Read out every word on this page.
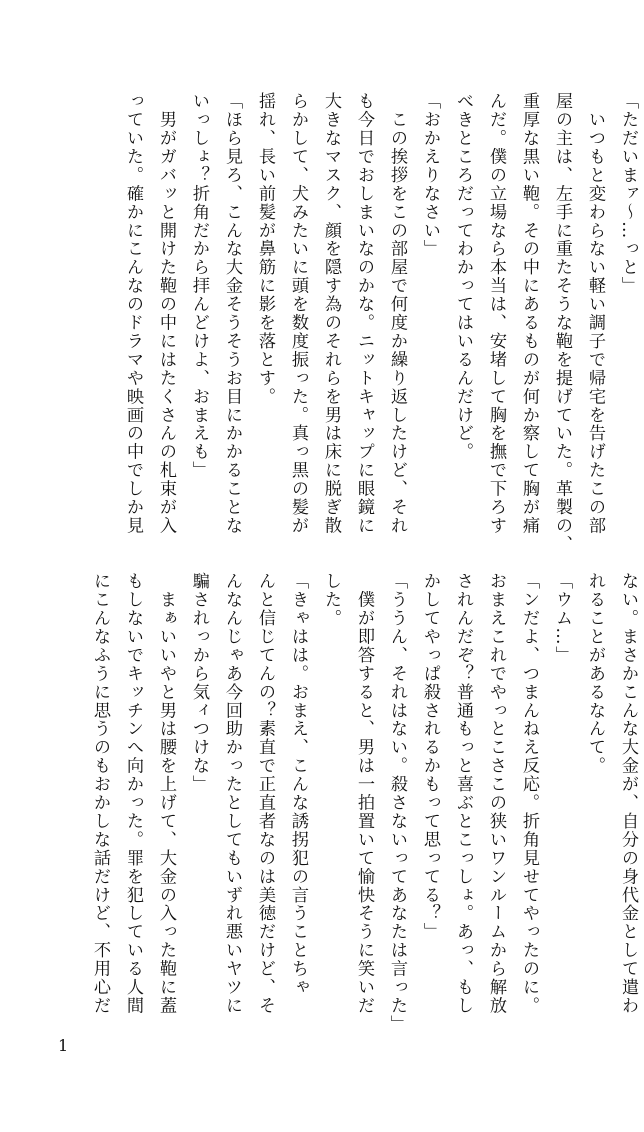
「ただいまァ～…っと」
　いつもと変わらない軽い調子で帰宅を告げたこの部
屋の主は、左手に重たそうな鞄を提げていた。革製の、
重厚な黒い鞄。その中にあるものが何か察して胸が痛
んだ。僕の立場なら本当は、安堵して胸を撫で下ろす
べきところだってわかってはいるんだけど。
「おかえりなさい」
　この挨拶をこの部屋で何度か繰り返したけど、それ
も今日でおしまいなのかな。ニットキャップに眼鏡に
大きなマスク、顔を隠す為のそれらを男は床に脱ぎ散
らかして、犬みたいに頭を数度振った。真っ黒の髪が
揺れ、長い前髪が鼻筋に影を落とす。
「ほら見ろ、こんな大金そうそうお目にかかることな
いっしょ？折角だから拝んどけよ、おまえも」
　男がガバッと開けた鞄の中にはたくさんの札束が入
っていた。確かにこんなのドラマや映画の中でしか見
ない。まさかこんな大金が、自分の身代金として遣わ
れることがあるなんて。
「ウム…」
「ンだよ、つまんねえ反応。折角見せてやったのに。
おまえこれでやっとこさこの狭いワンルームから解放
されんだぞ？普通もっと喜ぶとこっしょ。あっ、もし
かしてやっぱ殺されるかもって思ってる？」
「ううん、それはない。殺さないってあなたは言った」
　僕が即答すると、男は一拍置いて愉快そうに笑いだ
した。
「きゃはは。おまえ、こんな誘拐犯の言うことちゃ
んと信じてんの？素直で正直者なのは美徳だけど、そ
んなんじゃあ今回助かったとしてもいずれ悪いヤツに
騙されっから気ィつけな」
　まぁいいやと男は腰を上げて、大金の入った鞄に蓋
もしないでキッチンへ向かった。罪を犯している人間
にこんなふうに思うのもおかしな話だけど、不用心だ
1
